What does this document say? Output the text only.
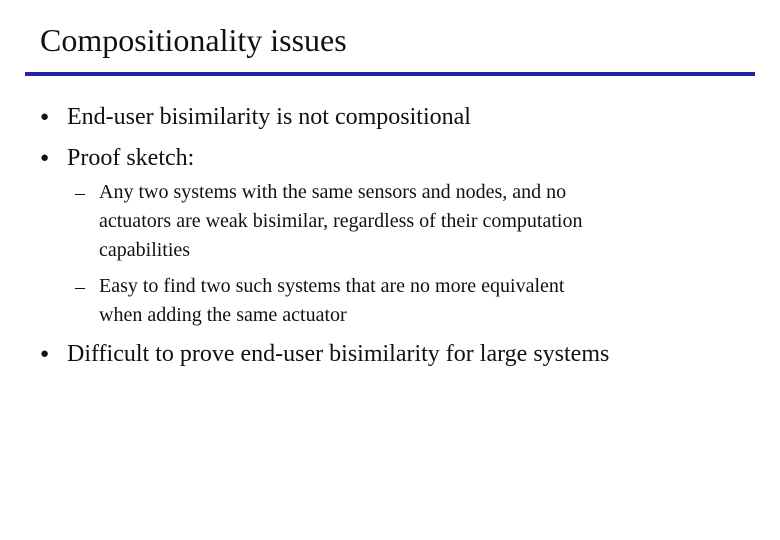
Compositionality issues
● End-user bisimilarity is not compositional
● Proof sketch:
– Any two systems with the same sensors and nodes, and no
actuators are weak bisimilar, regardless of their computation
capabilities
– Easy to find two such systems that are no more equivalent
when adding the same actuator
● Difficult to prove end-user bisimilarity for large systems
